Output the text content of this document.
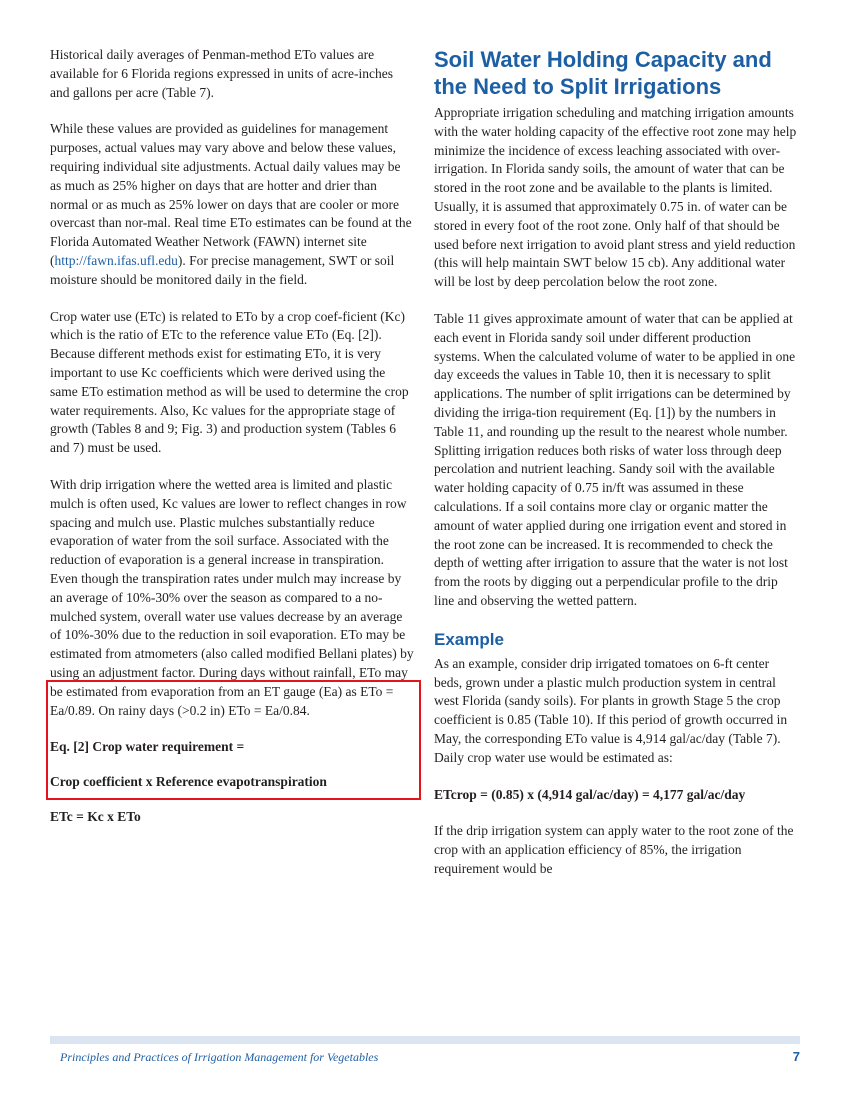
Historical daily averages of Penman-method ETo values are available for 6 Florida regions expressed in units of acre-inches and gallons per acre (Table 7).

While these values are provided as guidelines for management purposes, actual values may vary above and below these values, requiring individual site adjustments. Actual daily values may be as much as 25% higher on days that are hotter and drier than normal or as much as 25% lower on days that are cooler or more overcast than nor-mal. Real time ETo estimates can be found at the Florida Automated Weather Network (FAWN) internet site (http://fawn.ifas.ufl.edu). For precise management, SWT or soil moisture should be monitored daily in the field.

Crop water use (ETc) is related to ETo by a crop coef-ficient (Kc) which is the ratio of ETc to the reference value ETo (Eq. [2]). Because different methods exist for estimating ETo, it is very important to use Kc coefficients which were derived using the same ETo estimation method as will be used to determine the crop water requirements. Also, Kc values for the appropriate stage of growth (Tables 8 and 9; Fig. 3) and production system (Tables 6 and 7) must be used.

With drip irrigation where the wetted area is limited and plastic mulch is often used, Kc values are lower to reflect changes in row spacing and mulch use. Plastic mulches substantially reduce evaporation of water from the soil surface. Associated with the reduction of evaporation is a general increase in transpiration. Even though the transpiration rates under mulch may increase by an average of 10%-30% over the season as compared to a no-mulched system, overall water use values decrease by an average of 10%-30% due to the reduction in soil evaporation. ETo may be estimated from atmometers (also called modified Bellani plates) by using an adjustment factor. During days without rainfall, ETo may be estimated from evaporation from an ET gauge (Ea) as ETo = Ea/0.89. On rainy days (>0.2 in) ETo = Ea/0.84.

Eq. [2] Crop water requirement =

Crop coefficient x Reference evapotranspiration

ETc = Kc x ETo

Soil Water Holding Capacity and the Need to Split Irrigations

Appropriate irrigation scheduling and matching irrigation amounts with the water holding capacity of the effective root zone may help minimize the incidence of excess leaching associated with over-irrigation. In Florida sandy soils, the amount of water that can be stored in the root zone and be available to the plants is limited. Usually, it is assumed that approximately 0.75 in. of water can be stored in every foot of the root zone. Only half of that should be used before next irrigation to avoid plant stress and yield reduction (this will help maintain SWT below 15 cb). Any additional water will be lost by deep percolation below the root zone.

Table 11 gives approximate amount of water that can be applied at each event in Florida sandy soil under different production systems. When the calculated volume of water to be applied in one day exceeds the values in Table 10, then it is necessary to split applications. The number of split irrigations can be determined by dividing the irriga-tion requirement (Eq. [1]) by the numbers in Table 11, and rounding up the result to the nearest whole number. Splitting irrigation reduces both risks of water loss through deep percolation and nutrient leaching. Sandy soil with the available water holding capacity of 0.75 in/ft was assumed in these calculations. If a soil contains more clay or organic matter the amount of water applied during one irrigation event and stored in the root zone can be increased. It is recommended to check the depth of wetting after irrigation to assure that the water is not lost from the roots by digging out a perpendicular profile to the drip line and observing the wetted pattern.

Example

As an example, consider drip irrigated tomatoes on 6-ft center beds, grown under a plastic mulch production system in central west Florida (sandy soils). For plants in growth Stage 5 the crop coefficient is 0.85 (Table 10). If this period of growth occurred in May, the corresponding ETo value is 4,914 gal/ac/day (Table 7). Daily crop water use would be estimated as:

ETcrop = (0.85) x (4,914 gal/ac/day) = 4,177 gal/ac/day

If the drip irrigation system can apply water to the root zone of the crop with an application efficiency of 85%, the irrigation requirement would be

Principles and Practices of Irrigation Management for Vegetables	7
